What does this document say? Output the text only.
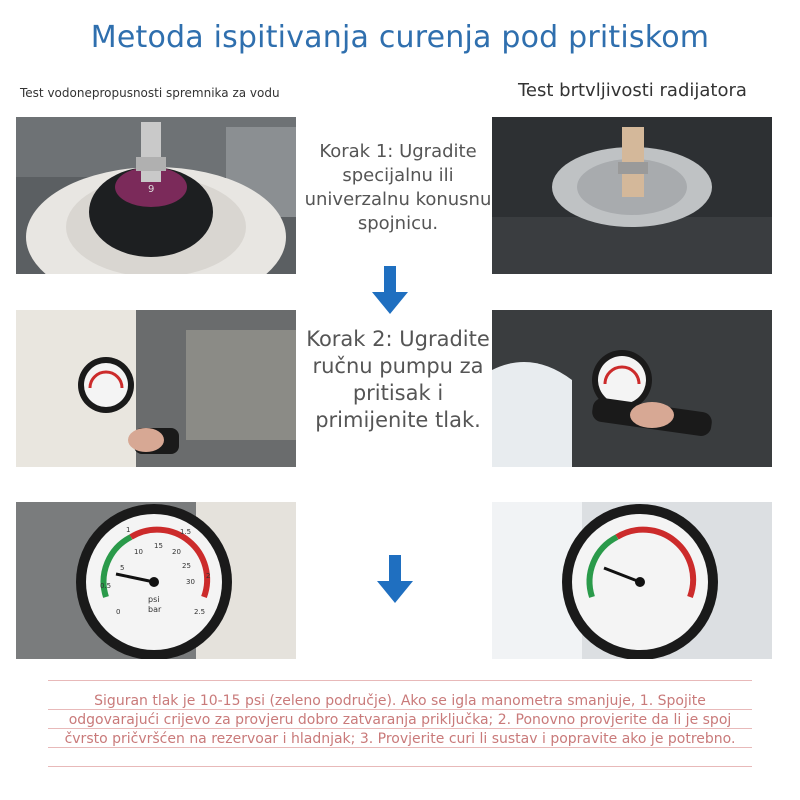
Metoda ispitivanja curenja pod pritiskom
Test vodonepropusnosti spremnika za vodu	Test brtvljivosti radijatora
9
Korak 1: Ugradite specijalnu ili univerzalnu konusnu spojnicu.
Korak 2: Ugradite ručnu pumpu za pritisak i primijenite tlak.
psi
bar
5
10
15
20
25
30
0
0.5
1	1.5
2
2.5
Siguran tlak je 10-15 psi (zeleno područje). Ako se igla manometra smanjuje, 1. Spojite odgovarajući crijevo za provjeru dobro zatvaranja priključka; 2. Ponovno provjerite da li je spoj čvrsto pričvršćen na rezervoar i hladnjak; 3. Provjerite curi li sustav i popravite ako je potrebno.
